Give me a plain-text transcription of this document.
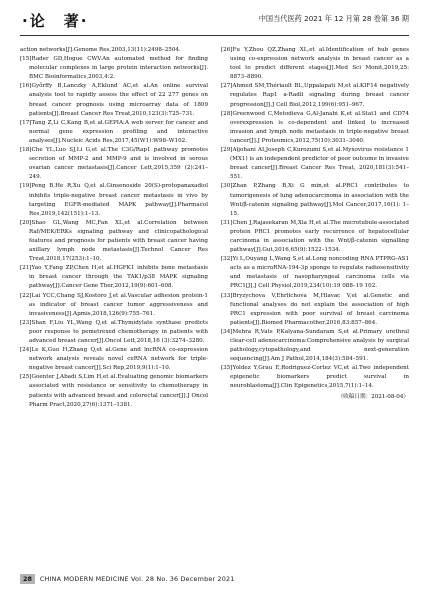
·论　著·	中国当代医药 2021 年 12 月第 28 卷第 36 期

action networks[J].Genome Res,2003,13(11):2498–2504.

[15]Rader GD,Hogue CWV.An automated method for finding molecular complexes in large protein interaction networks[J]. BMC Bioinformatics,2003,4:2.

[16]Győrffy B,Lanczky A,Eklund AC,et al.An online survival analysis tool to rapidly assess the effect of 22 277 genes on breast cancer prognosis using microarray data of 1809 patients[J].Breast Cancer Res Treat,2010,123(3):725–731.

[17]Tang Z,Li C,Kang B,et al.GEPIA:A web server for cancer and normal gene expression profiling and interactive analyses[J].Nucleic Acids Res,2017,45(W1):W98–W102.

[18]Che YL,Luo SJ,Li G,et al.The C3G/Rap1 pathway promotes secretion of MMP-2 and MMP-9 and is involved in serous ovarian cancer metastasis[J].Cancer Lett,2015,359 (2):241–249.

[19]Peng B,He R,Xu Q,et al.Ginsenoside 20(S)-protopanaxadiol inhibits triple-negative breast cancer metastasis in vivo by targeting EGFR-mediated MAPK pathway[J].Pharmacol Res,2019,142(151):1–13.

[20]Shao GL,Wang MC,Fan XL,et al.Correlation between Raf/MEK/ERKs signaling pathway and clinicopathological features and prognosis for patients with breast cancer having axillary lymph node metastasis[J].Technol Cancer Res Treat,2018,17(253):1–10.

[21]Yao Y,Fang ZP,Chen H,et al.HGFK1 inhibits bone metastasis in breast cancer through the TAK1/p38 MAPK signaling pathway[J].Cancer Gene Ther,2012,19(9):601–608.

[22]Lai YCC,Chang SJ,Kostoro J,et al.Vascular adhesion protein-1 as indicator of breast cancer tumor aggressiveness and invasiveness[J].Apmis,2018,126(9):755–761.

[23]Shan F,Liu YL,Wang Q,et al.Thymidylate synthase predicts poor response to pemetrexed chemotherapy in patients with advanced breast cancer[J].Oncol Lett,2018,16 (3):3274–3280.

[24]Le K,Guo H,Zhang Q,et al.Gene and lncRNA co-expression network analysis reveals novel ceRNA network for triple-negative breast cancer[J].Sci Rep,2019,9(1):1–10.

[25]Goenter J,Abadi S,Lim H,et al.Evaluating genomic biomarkers associated with resistance or sensitivity to chemotherapy in patients with advanced breast and colorectal cancer[J].J Oncol Pharm Pract,2020,27(6):1371–1381.

[26]Fu Y,Zhou QZ,Zhang XL,et al.Identification of hub genes using co-expression network analysis in breast cancer as a tool to predict different stages[J].Med Sci Monit,2019,25: 8873–8890.

[27]Ahmed SM,Thériault BL,Uppalapati M,et al.KIF14 negatively regulates Rap1 a-Radil signaling during breast cancer progression[J].J Cell Biol,2012,199(6):951–967.

[28]Greenwood C,Metodieva G,Al-Janabi K,et al.Stat1 and CD74 overexpression is co-dependent and linked to increased invasion and lymph node metastasis in triple-negative breast cancer[J].J Proteomics,2012,75(10):3031–3040.

[29]Aljohani AI,Joseph C,Kurozumi S,et al.Myxovirus resistance 1 (MX1) is an independent predictor of poor outcome in invasive breast cancer[J].Breast Cancer Res Treat, 2020,181(3):541–551.

[30]Zhan P,Zhang B,Xi G min,et al.PRC1 contributes to tumorigenesis of lung adenocarcinoma in association with the Wnt/β-catenin signaling pathway[J].Mol Cancer,2017,16(1): 1–15.

[31]Chen J,Rajasekaran M,Xia H,et al.The microtubule-associated protein PRC1 promotes early recurrence of hepatocellular carcinoma in association with the Wnt/β-catenin signalling pathway[J].Gut,2016,65(9):1522–1534.

[32]Yi L,Ouyang L,Wang S,et al.Long noncoding RNA PTPRG-AS1 acts as a microRNA-194-3p sponge to regulate radiosensitivity and metastasis of nasopharyngeal carcinoma cells via PRC1[J].J Cell Physiol,2019,234(10):19 088–19 102.

[33]Bryzychova V,Ehrlichova M,Hlavac V,et al.Genetic and functional analyses do not explain the association of high PRC1 expression with poor survival of breast carcinoma patients[J].Biomed Pharmacother,2016,83:857–864.

[34]Mehra R,Vats P,Kalyana-Sundaram S,et al.Primary urethral clear-cell adenocarcinoma:Comprehensive analysis by surgical pathology,cytopathology,and next-generation sequencing[J].Am J Pathol,2014,184(3):584–591.

[35]Yoldez Y,Grau E,Rodriguez-Cortez VC,et al.Two independent epigenetic biomarkers predict survival in neuroblastoma[J].Clin Epigenetics,2015,7(1):1–14.

（收稿日期：2021-08-04）

28 CHINA MODERN MEDICINE Vol. 28 No. 36 December 2021
